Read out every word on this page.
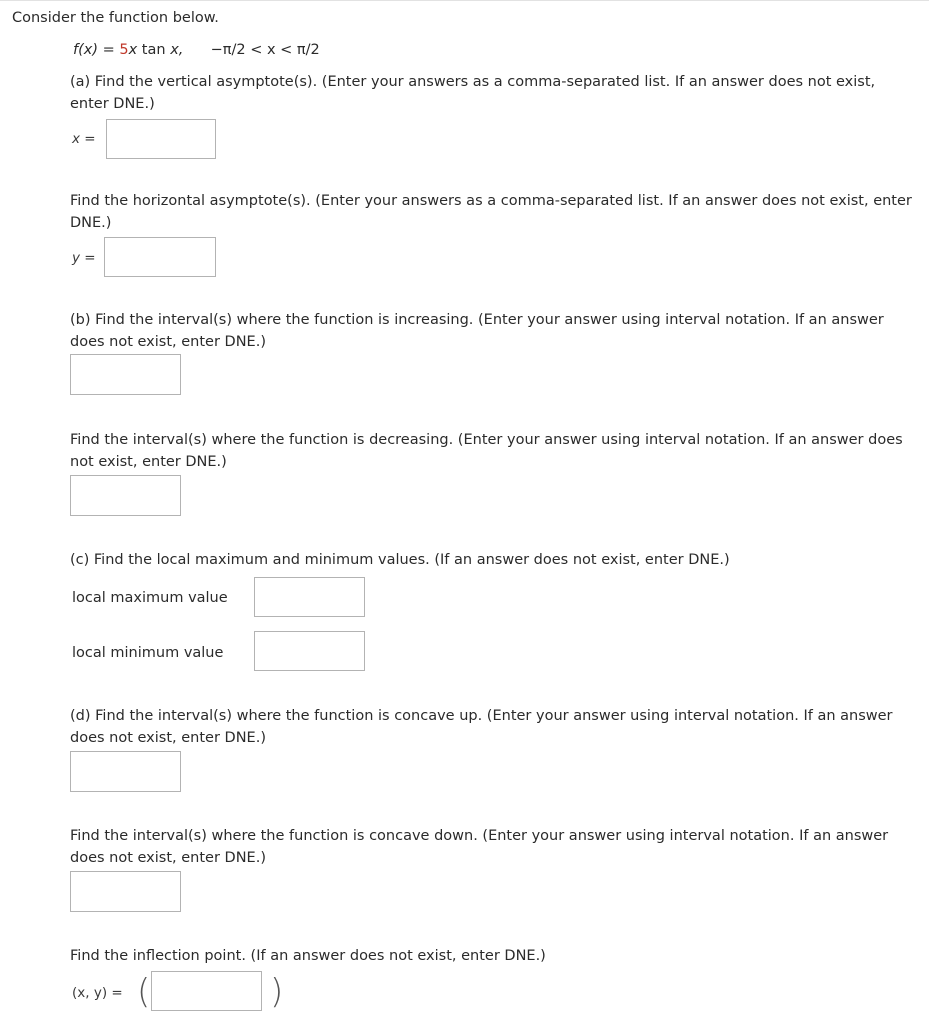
Consider the function below.
f(x) = 5x tan x, −π/2 < x < π/2
(a) Find the vertical asymptote(s). (Enter your answers as a comma-separated list. If an answer does not exist, enter DNE.)
x =
Find the horizontal asymptote(s). (Enter your answers as a comma-separated list. If an answer does not exist, enter DNE.)
y =
(b) Find the interval(s) where the function is increasing. (Enter your answer using interval notation. If an answer does not exist, enter DNE.)
Find the interval(s) where the function is decreasing. (Enter your answer using interval notation. If an answer does not exist, enter DNE.)
(c) Find the local maximum and minimum values. (If an answer does not exist, enter DNE.)
local maximum value
local minimum value
(d) Find the interval(s) where the function is concave up. (Enter your answer using interval notation. If an answer does not exist, enter DNE.)
Find the interval(s) where the function is concave down. (Enter your answer using interval notation. If an answer does not exist, enter DNE.)
Find the inflection point. (If an answer does not exist, enter DNE.)
(x, y) = (	)
